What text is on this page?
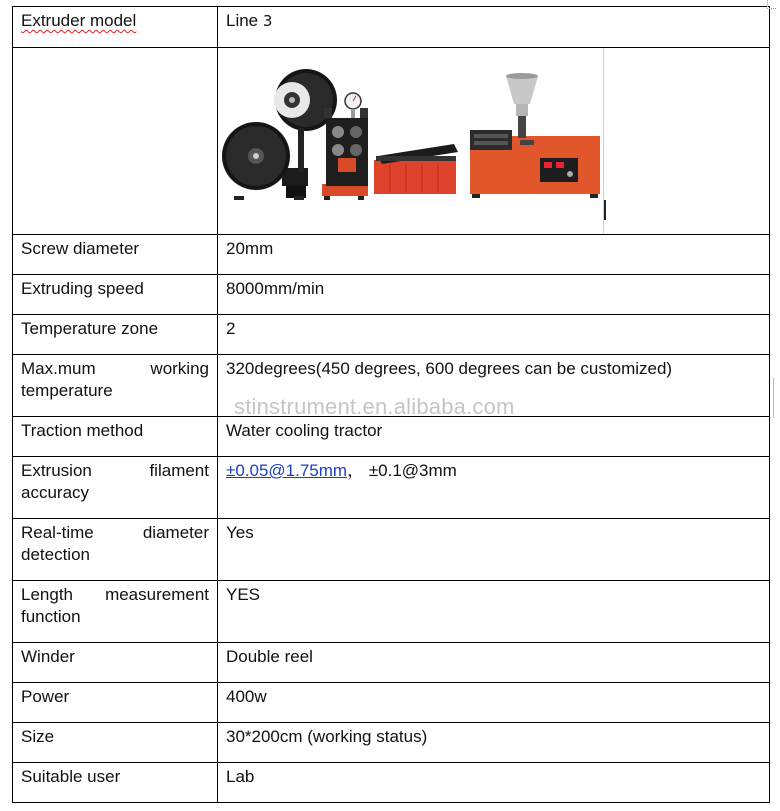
Extruder model	Line 3

Screw diameter	20mm
Extruding speed	8000mm/min
Temperature zone	2
Max.mum working temperature	320degrees(450 degrees, 600 degrees can be customized)
Traction method	Water cooling tractor
Extrusion filament accuracy	±0.05@1.75mm， ±0.1@3mm
Real-time diameter detection	Yes
Length measurement function	YES
Winder	Double reel
Power	400w
Size	30*200cm (working status)
Suitable user	Lab
stinstrument.en.alibaba.com
